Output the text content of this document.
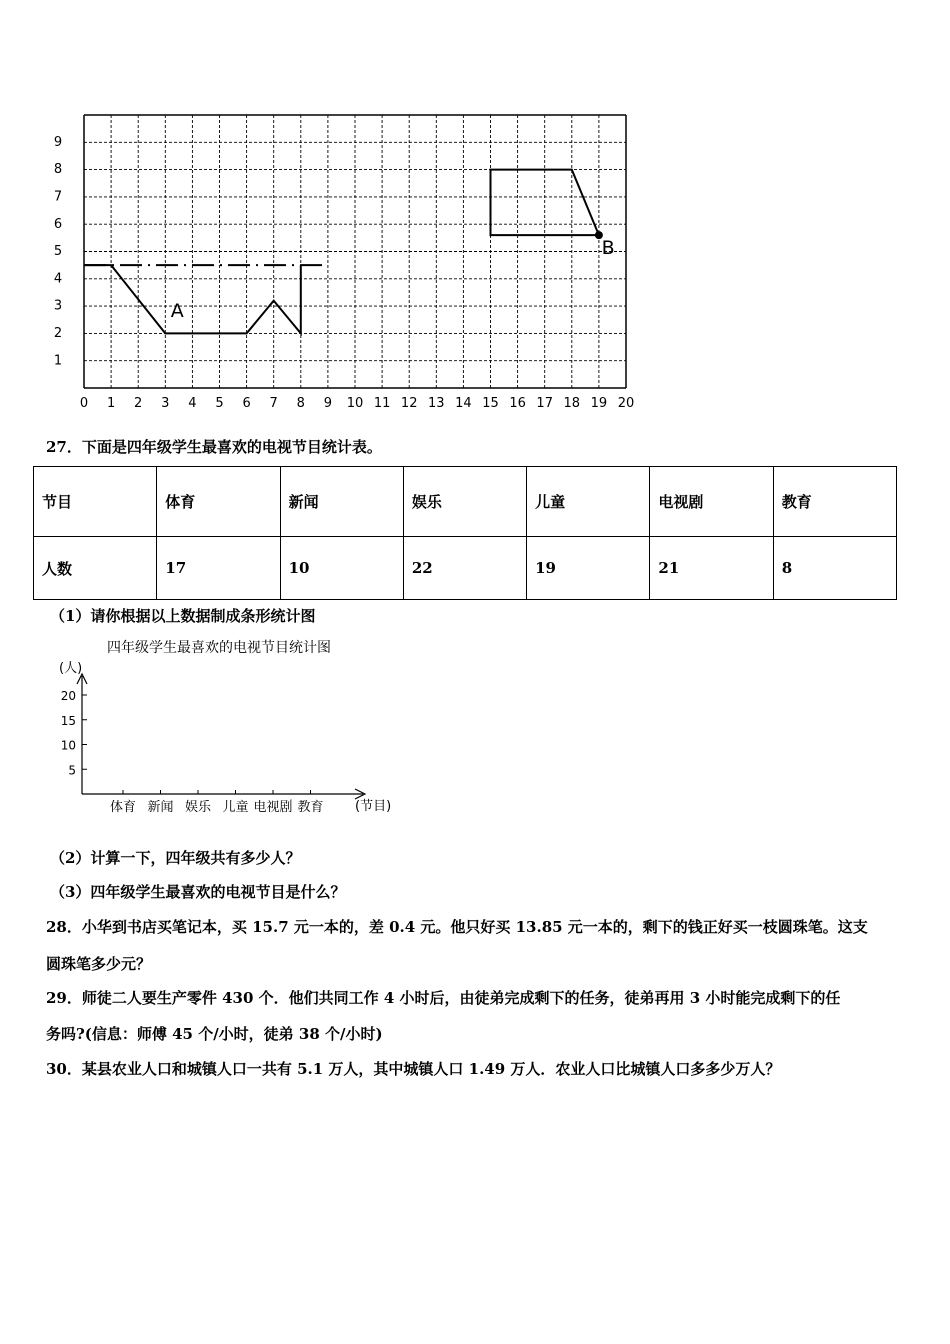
0 1 2 3 4 5 6 7 8 9 10 11 12 13 14 15 16 17 18 19 20
1
2
3
4
5
6
7
8
9
A
B
27．下面是四年级学生最喜欢的电视节目统计表。
节目	体育	新闻	娱乐	儿童	电视剧	教育
人数	17	10	22	19	21	8
（1）请你根据以上数据制成条形统计图
四年级学生最喜欢的电视节目统计图
(人)
5
10
15
20
体育 新闻 娱乐 儿童 电视剧 教育 (节目)
（2）计算一下，四年级共有多少人？
（3）四年级学生最喜欢的电视节目是什么？
28．小华到书店买笔记本，买 15.7 元一本的，差 0.4 元。他只好买 13.85 元一本的，剩下的钱正好买一枝圆珠笔。这支
圆珠笔多少元？
29．师徒二人要生产零件 430 个．他们共同工作 4 小时后，由徒弟完成剩下的任务，徒弟再用 3 小时能完成剩下的任
务吗?(信息：师傅 45 个/小时，徒弟 38 个/小时)
30．某县农业人口和城镇人口一共有 5.1 万人，其中城镇人口 1.49 万人．农业人口比城镇人口多多少万人？
